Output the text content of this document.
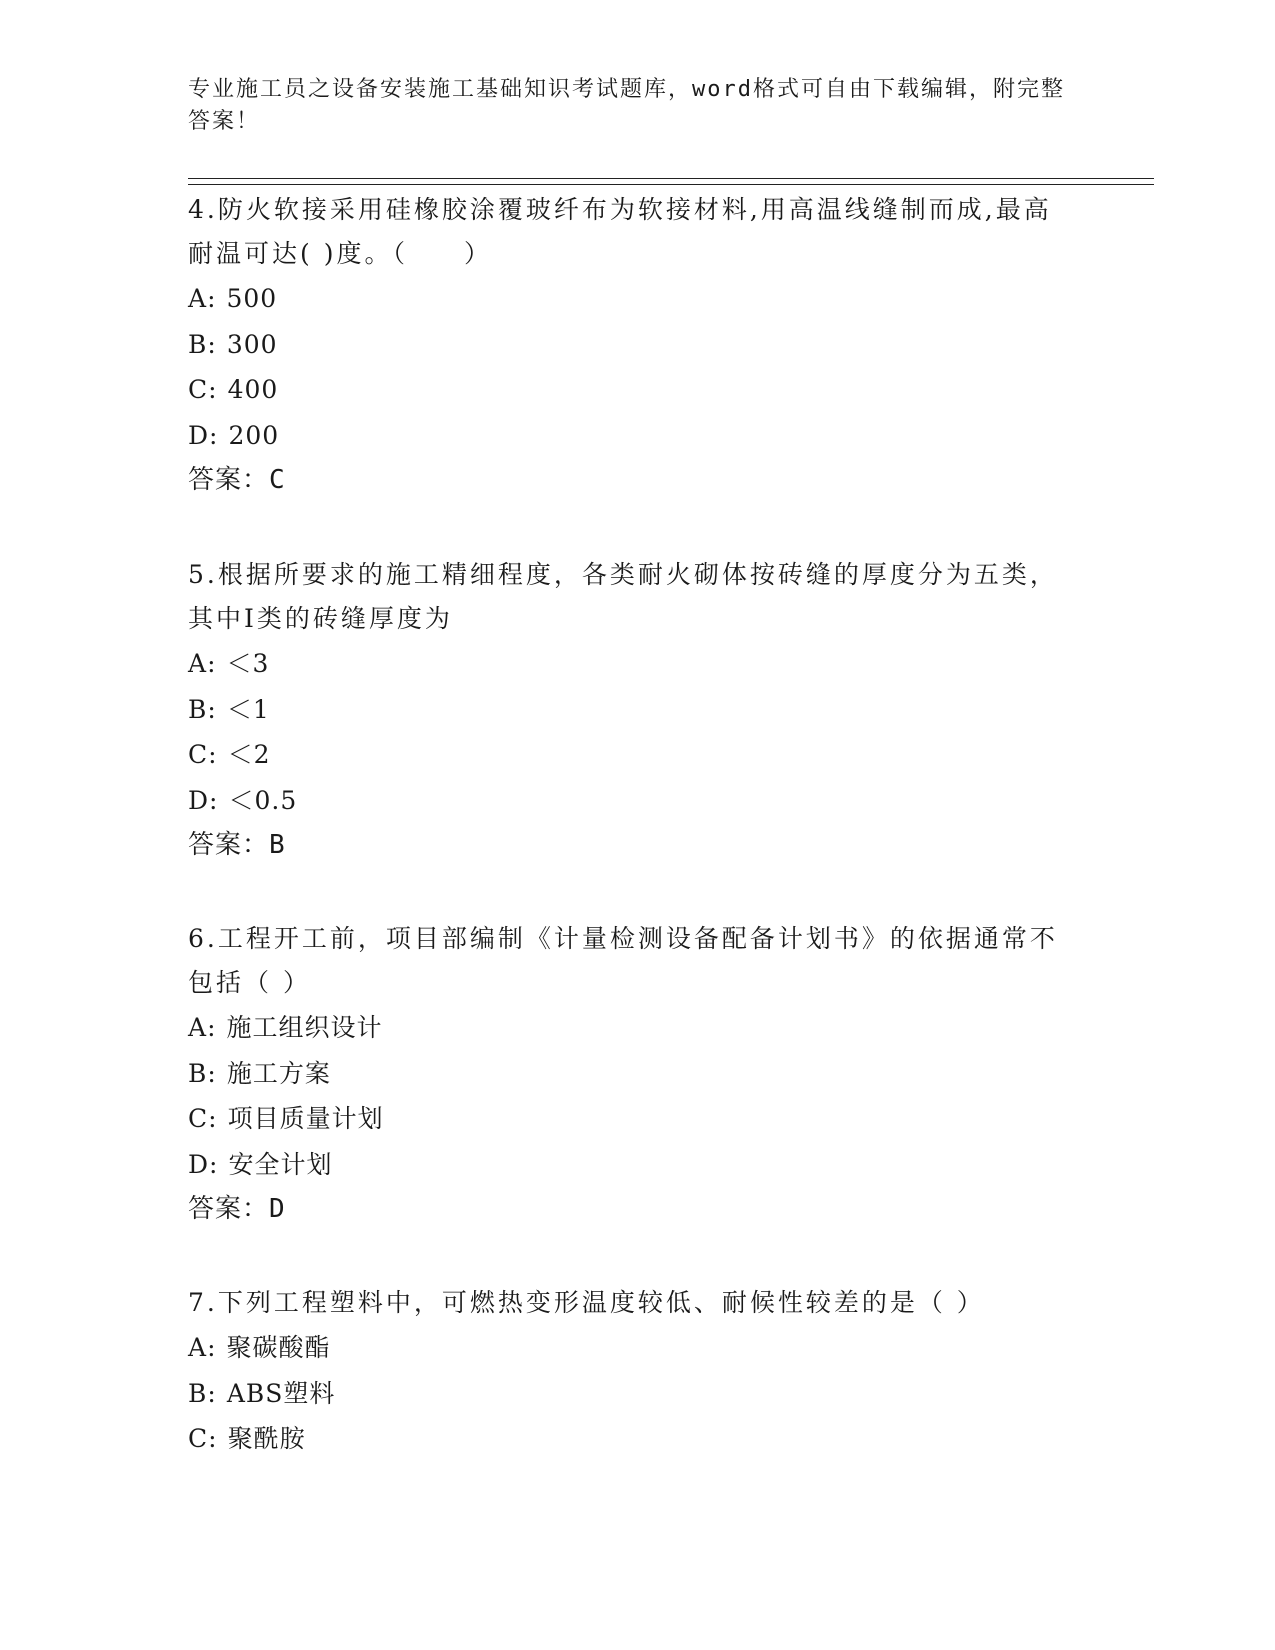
专业施工员之设备安装施工基础知识考试题库，word格式可自由下载编辑，附完整答案！

4.防火软接采用硅橡胶涂覆玻纤布为软接材料,用高温线缝制而成,最高耐温可达( )度。（　　）

A: 500

B: 300

C: 400

D: 200

答案：C

5.根据所要求的施工精细程度，各类耐火砌体按砖缝的厚度分为五类，其中Ⅰ类的砖缝厚度为

A: ＜3

B: ＜1

C: ＜2

D: ＜0.5

答案：B

6.工程开工前，项目部编制《计量检测设备配备计划书》的依据通常不包括（ ）

A: 施工组织设计

B: 施工方案

C: 项目质量计划

D: 安全计划

答案：D

7.下列工程塑料中，可燃热变形温度较低、耐候性较差的是（ ）

A: 聚碳酸酯

B: ABS塑料

C: 聚酰胺
